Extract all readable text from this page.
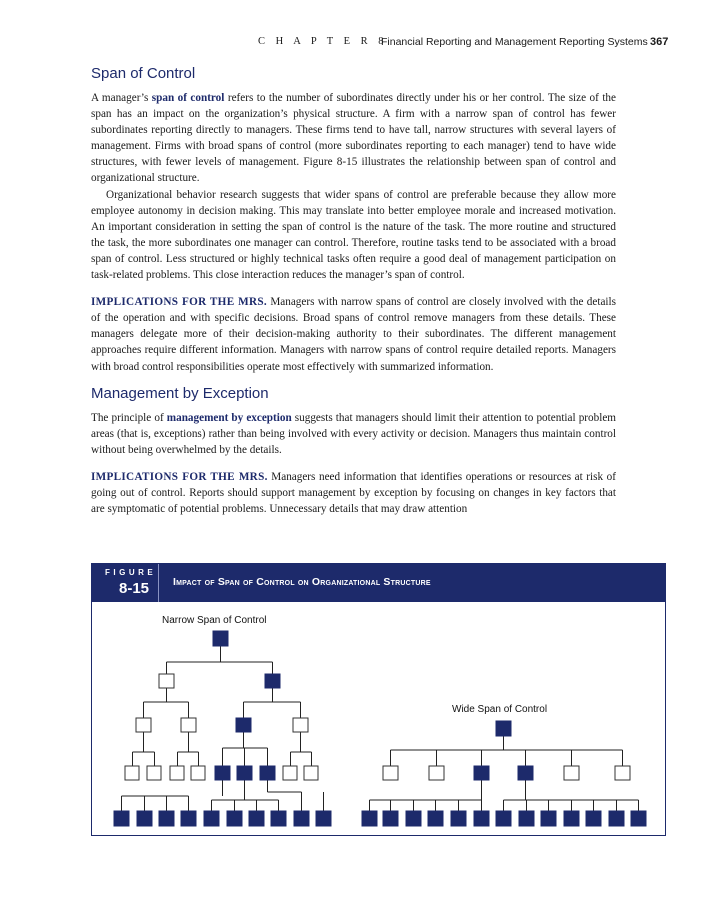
C H A P T E R 8
Financial Reporting and Management Reporting Systems 367
Span of Control

A manager’s span of control refers to the number of subordinates directly under his or her control. The size of the span has an impact on the organization’s physical structure. A firm with a narrow span of control has fewer subordinates reporting directly to managers. These firms tend to have tall, narrow structures with several layers of management. Firms with broad spans of control (more subordinates reporting to each manager) tend to have wide structures, with fewer levels of management. Figure 8-15 illustrates the relationship between span of control and organizational structure.

Organizational behavior research suggests that wider spans of control are preferable because they allow more employee autonomy in decision making. This may translate into better employee morale and increased motivation. An important consideration in setting the span of control is the nature of the task. The more routine and structured the task, the more subordinates one manager can control. Therefore, routine tasks tend to be associated with a broad span of control. Less structured or highly technical tasks often require a good deal of management participation on task-related problems. This close interaction reduces the manager’s span of control.

IMPLICATIONS FOR THE MRS. Managers with narrow spans of control are closely involved with the details of the operation and with specific decisions. Broad spans of control remove managers from these details. These managers delegate more of their decision-making authority to their subordinates. The different management approaches require different information. Managers with narrow spans of control require detailed reports. Managers with broad control responsibilities operate most effectively with summarized information.

Management by Exception

The principle of management by exception suggests that managers should limit their attention to potential problem areas (that is, exceptions) rather than being involved with every activity or decision. Managers thus maintain control without being overwhelmed by the details.

IMPLICATIONS FOR THE MRS. Managers need information that identifies operations or resources at risk of going out of control. Reports should support management by exception by focusing on changes in key factors that are symptomatic of potential problems. Unnecessary details that may draw attention

FIGURE
8-15 Impact of Span of Control on Organizational Structure
Narrow Span of Control
Wide Span of Control
